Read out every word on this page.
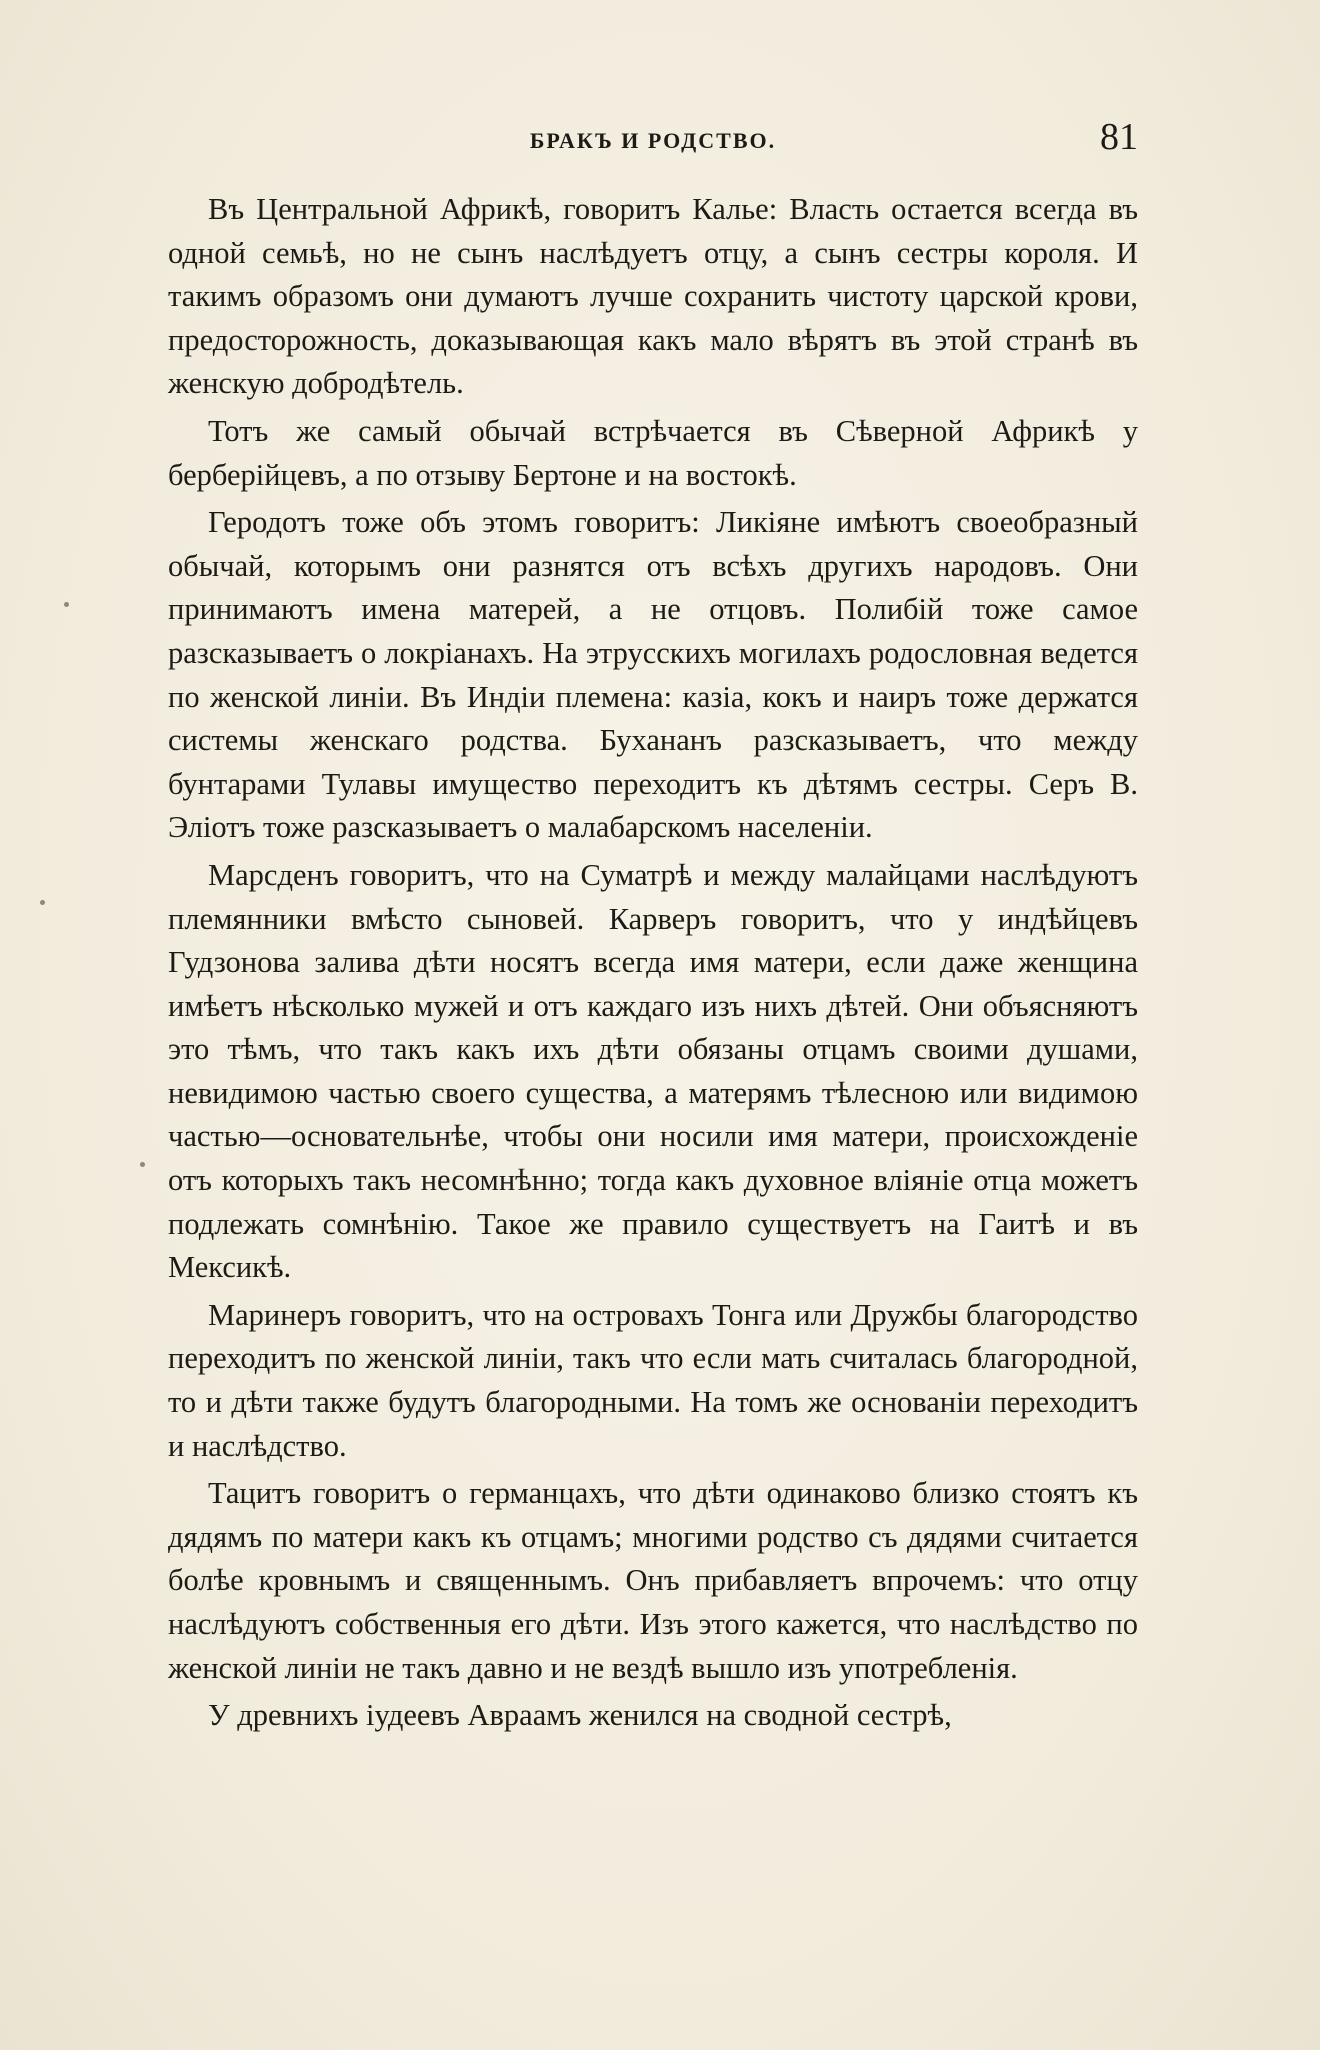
БРАКЪ И РОДСТВО.	81

Въ Центральной Африкѣ, говоритъ Калье: Власть остается всегда въ одной семьѣ, но не сынъ наслѣдуетъ отцу, а сынъ сестры короля. И такимъ образомъ они думаютъ лучше сохранить чистоту царской крови, предосторожность, доказывающая какъ мало вѣрятъ въ этой странѣ въ женскую добродѣтель.

Тотъ же самый обычай встрѣчается въ Сѣверной Африкѣ у берберійцевъ, а по отзыву Бертоне и на востокѣ.

Геродотъ тоже объ этомъ говоритъ: Ликіяне имѣютъ своеобразный обычай, которымъ они разнятся отъ всѣхъ другихъ народовъ. Они принимаютъ имена матерей, а не отцовъ. Полибій тоже самое разсказываетъ о локріанахъ. На этрусскихъ могилахъ родословная ведется по женской линіи. Въ Индіи племена: казіа, кокъ и наиръ тоже держатся системы женскаго родства. Бухананъ разсказываетъ, что между бунтарами Тулавы имущество переходитъ къ дѣтямъ сестры. Серъ В. Эліотъ тоже разсказываетъ о малабарскомъ населеніи.

Марсденъ говоритъ, что на Суматрѣ и между малайцами наслѣдуютъ племянники вмѣсто сыновей. Карверъ говоритъ, что у индѣйцевъ Гудзонова залива дѣти носятъ всегда имя матери, если даже женщина имѣетъ нѣсколько мужей и отъ каждаго изъ нихъ дѣтей. Они объясняютъ это тѣмъ, что такъ какъ ихъ дѣти обязаны отцамъ своими душами, невидимою частью своего существа, а матерямъ тѣлесною или видимою частью—основательнѣе, чтобы они носили имя матери, происхожденіе отъ которыхъ такъ несомнѣнно; тогда какъ духовное вліяніе отца можетъ подлежать сомнѣнію. Такое же правило существуетъ на Гаитѣ и въ Мексикѣ.

Маринеръ говоритъ, что на островахъ Тонга или Дружбы благородство переходитъ по женской линіи, такъ что если мать считалась благородной, то и дѣти также будутъ благородными. На томъ же основаніи переходитъ и наслѣдство.

Тацитъ говоритъ о германцахъ, что дѣти одинаково близко стоятъ къ дядямъ по матери какъ къ отцамъ; многими родство съ дядями считается болѣе кровнымъ и священнымъ. Онъ прибавляетъ впрочемъ: что отцу наслѣдуютъ собственныя его дѣти. Изъ этого кажется, что наслѣдство по женской линіи не такъ давно и не вездѣ вышло изъ употребленія.

У древнихъ іудеевъ Авраамъ женился на сводной сестрѣ,
